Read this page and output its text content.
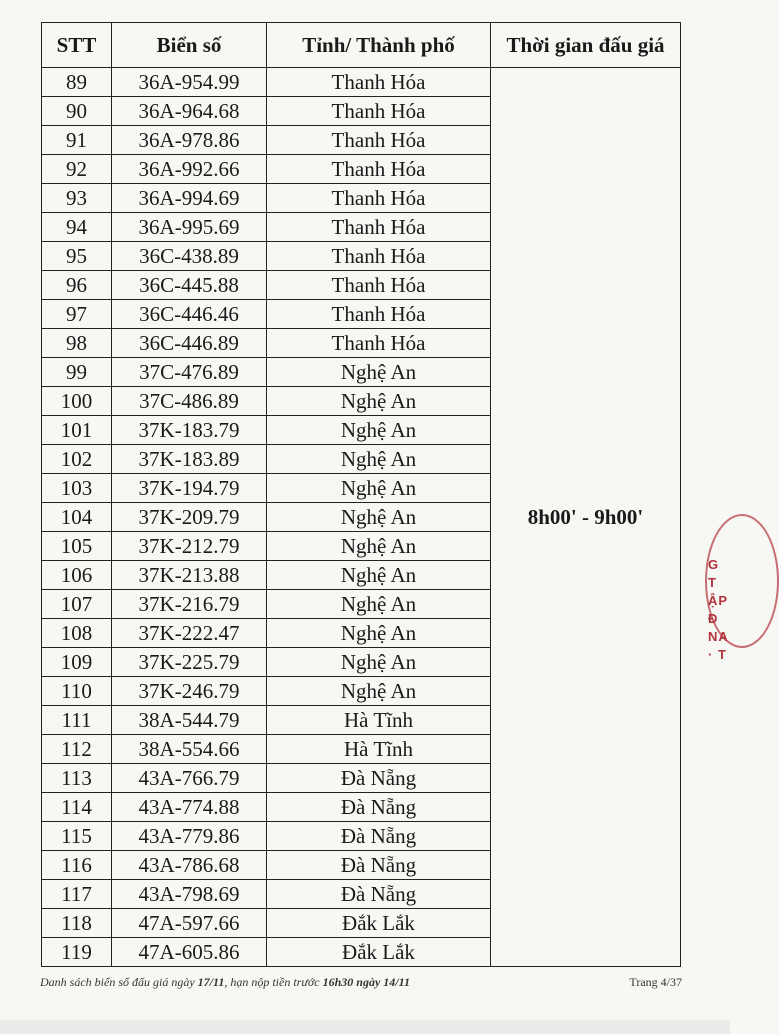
STT	Biển số	Tỉnh/ Thành phố	Thời gian đấu giá
89	36A-954.99	Thanh Hóa	8h00' - 9h00'
90	36A-964.68	Thanh Hóa	
91	36A-978.86	Thanh Hóa	
92	36A-992.66	Thanh Hóa	
93	36A-994.69	Thanh Hóa	
94	36A-995.69	Thanh Hóa	
95	36C-438.89	Thanh Hóa	
96	36C-445.88	Thanh Hóa	
97	36C-446.46	Thanh Hóa	
98	36C-446.89	Thanh Hóa	
99	37C-476.89	Nghệ An	
100	37C-486.89	Nghệ An	
101	37K-183.79	Nghệ An	
102	37K-183.89	Nghệ An	
103	37K-194.79	Nghệ An	
104	37K-209.79	Nghệ An	
105	37K-212.79	Nghệ An	
106	37K-213.88	Nghệ An	
107	37K-216.79	Nghệ An	
108	37K-222.47	Nghệ An	
109	37K-225.79	Nghệ An	
110	37K-246.79	Nghệ An	
111	38A-544.79	Hà Tĩnh	
112	38A-554.66	Hà Tĩnh	
113	43A-766.79	Đà Nẵng	
114	43A-774.88	Đà Nẵng	
115	43A-779.86	Đà Nẵng	
116	43A-786.68	Đà Nẵng	
117	43A-798.69	Đà Nẵng	
118	47A-597.66	Đắk Lắk	
119	47A-605.86	Đắk Lắk	
G T
ẬP Đ
NA
· T
Danh sách biển số đấu giá ngày 17/11, hạn nộp tiền trước 16h30 ngày 14/11	Trang 4/37
